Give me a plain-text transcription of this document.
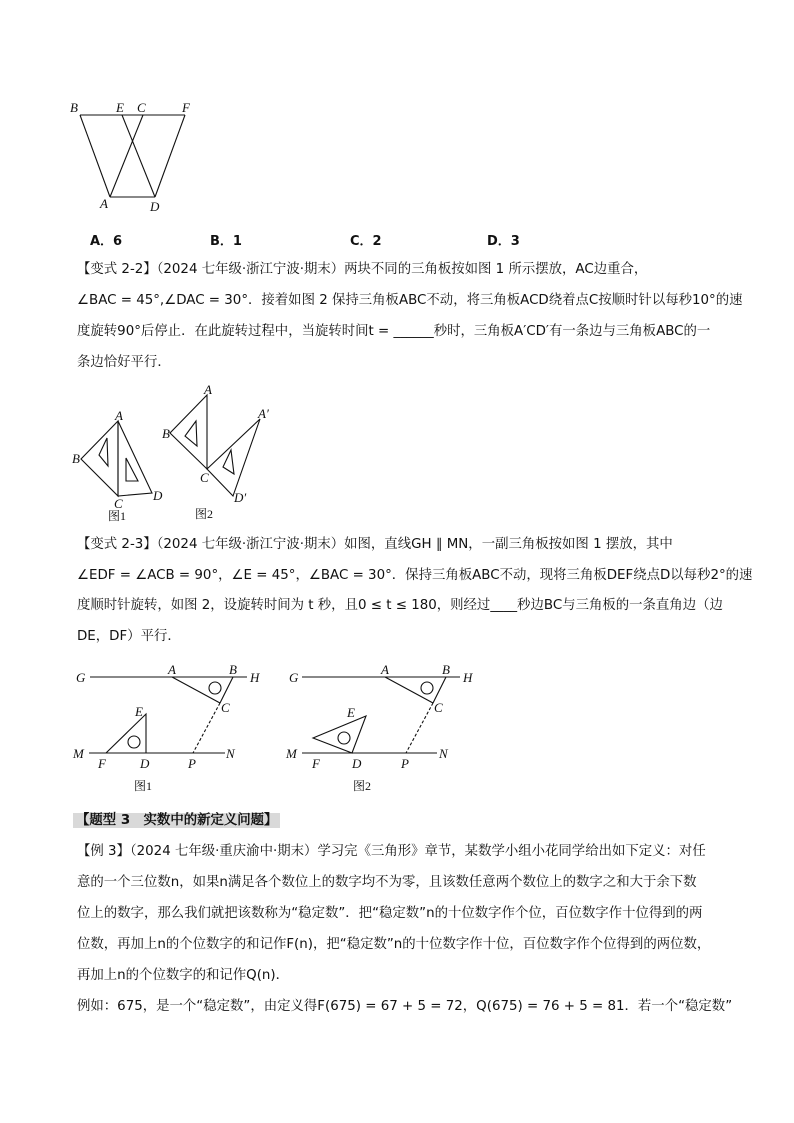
B	E C	F
A	D
A．6	B．1	C．2	D．3
【变式 2-2】（2024 七年级·浙江宁波·期末）两块不同的三角板按如图 1 所示摆放，AC边重合，
∠BAC = 45°,∠DAC = 30°．接着如图 2 保持三角板ABC不动，将三角板ACD绕着点C按顺时针以每秒10°的速
度旋转90°后停止．在此旋转过程中，当旋转时间t = ______秒时，三角板A′CD′有一条边与三角板ABC的一
条边恰好平行．
A
B
C
D
图1
A
B
C
A′
D′
图2
【变式 2-3】（2024 七年级·浙江宁波·期末）如图，直线GH ∥ MN，一副三角板按如图 1 摆放，其中
∠EDF = ∠ACB = 90°，∠E = 45°，∠BAC = 30°．保持三角板ABC不动，现将三角板DEF绕点D以每秒2°的速
度顺时针旋转，如图 2，设旋转时间为 t 秒，且0 ≤ t ≤ 180，则经过____秒边BC与三角板的一条直角边（边
DE，DF）平行．
G
A	B
H
C
E
M
F	D	P
N
图1
G
A	B
H
C
E
M
F D	P
N
图2
【题型 3　实数中的新定义问题】
【例 3】（2024 七年级·重庆渝中·期末）学习完《三角形》章节，某数学小组小花同学给出如下定义：对任
意的一个三位数n，如果n满足各个数位上的数字均不为零，且该数任意两个数位上的数字之和大于余下数
位上的数字，那么我们就把该数称为“稳定数”．把“稳定数”n的十位数字作个位，百位数字作十位得到的两
位数，再加上n的个位数字的和记作F(n)，把“稳定数”n的十位数字作十位，百位数字作个位得到的两位数，
再加上n的个位数字的和记作Q(n)．
例如：675，是一个“稳定数”，由定义得F(675) = 67 + 5 = 72，Q(675) = 76 + 5 = 81．若一个“稳定数”
